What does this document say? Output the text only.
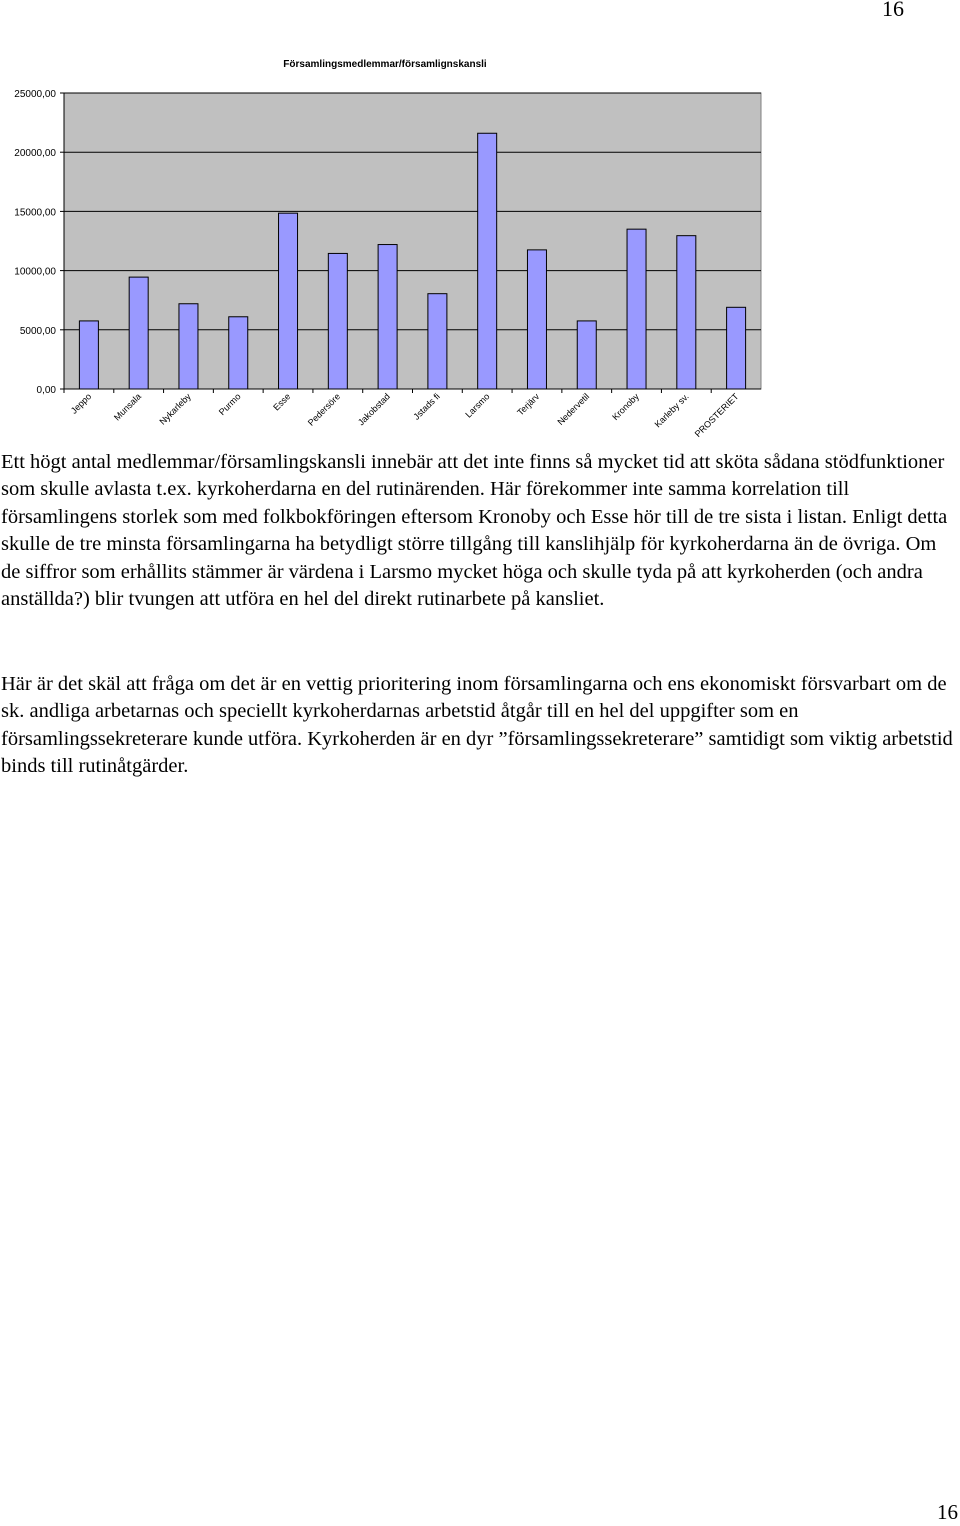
16
Församlingsmedlemmar/församlignskansli
0,00
5000,00
10000,00
15000,00
20000,00
25000,00
Jeppo Munsala Nykarleby	Purmo	Esse Pedersöre Jakobstad Jstads fi Larsmo	Terjärv Nedervetil Kronoby Karleby sv. PROSTERIET

Ett högt antal medlemmar/församlingskansli innebär att det inte finns så mycket tid att sköta sådana stödfunktioner som skulle avlasta t.ex. kyrkoherdarna en del rutinärenden. Här förekommer inte samma korrelation till församlingens storlek som med folkbokföringen eftersom Kronoby och Esse hör till de tre sista i listan. Enligt detta skulle de tre minsta församlingarna ha betydligt större tillgång till kanslihjälp för kyrkoherdarna än de övriga. Om de siffror som erhållits stämmer är värdena i Larsmo mycket höga och skulle tyda på att kyrkoherden (och andra anställda?) blir tvungen att utföra en hel del direkt rutinarbete på kansliet.

Här är det skäl att fråga om det är en vettig prioritering inom församlingarna och ens ekonomiskt försvarbart om de sk. andliga arbetarnas och speciellt kyrkoherdarnas arbetstid åtgår till en hel del uppgifter som en församlingssekreterare kunde utföra. Kyrkoherden är en dyr ”församlingssekreterare” samtidigt som viktig arbetstid binds till rutinåtgärder.

16
